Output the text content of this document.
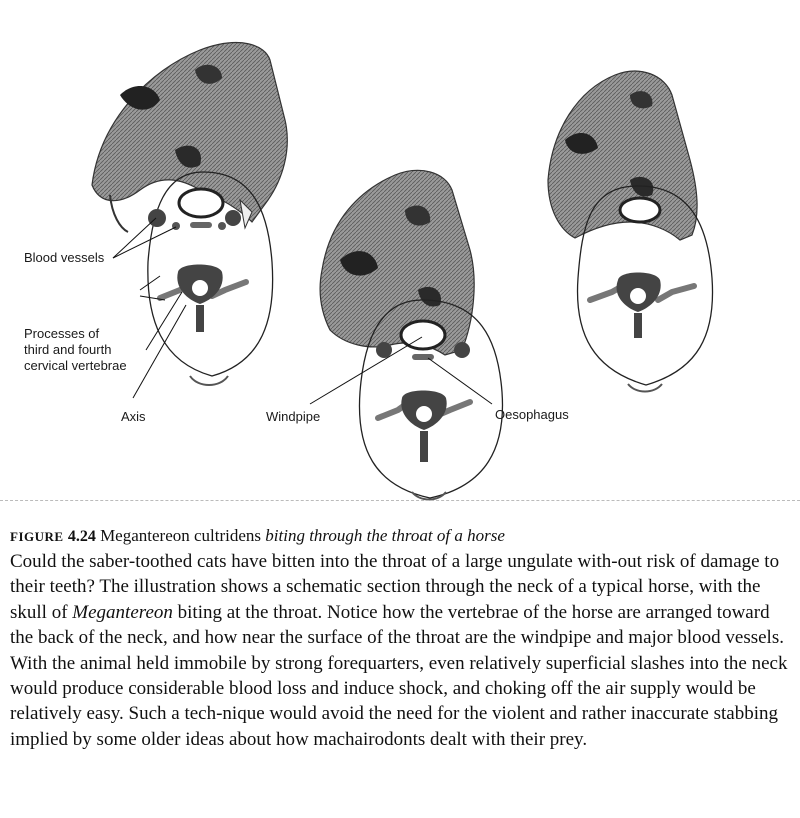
Blood vessels
Processes of
third and fourth
cervical vertebrae
Axis	Windpipe	Oesophagus

FIGURE 4.24 Megantereon cultridens biting through the throat of a horse

Could the saber-toothed cats have bitten into the throat of a large ungulate with-out risk of damage to their teeth? The illustration shows a schematic section through the neck of a typical horse, with the skull of Megantereon biting at the throat. Notice how the vertebrae of the horse are arranged toward the back of the neck, and how near the surface of the throat are the windpipe and major blood vessels. With the animal held immobile by strong forequarters, even relatively superficial slashes into the neck would produce considerable blood loss and induce shock, and choking off the air supply would be relatively easy. Such a tech-nique would avoid the need for the violent and rather inaccurate stabbing implied by some older ideas about how machairodonts dealt with their prey.
